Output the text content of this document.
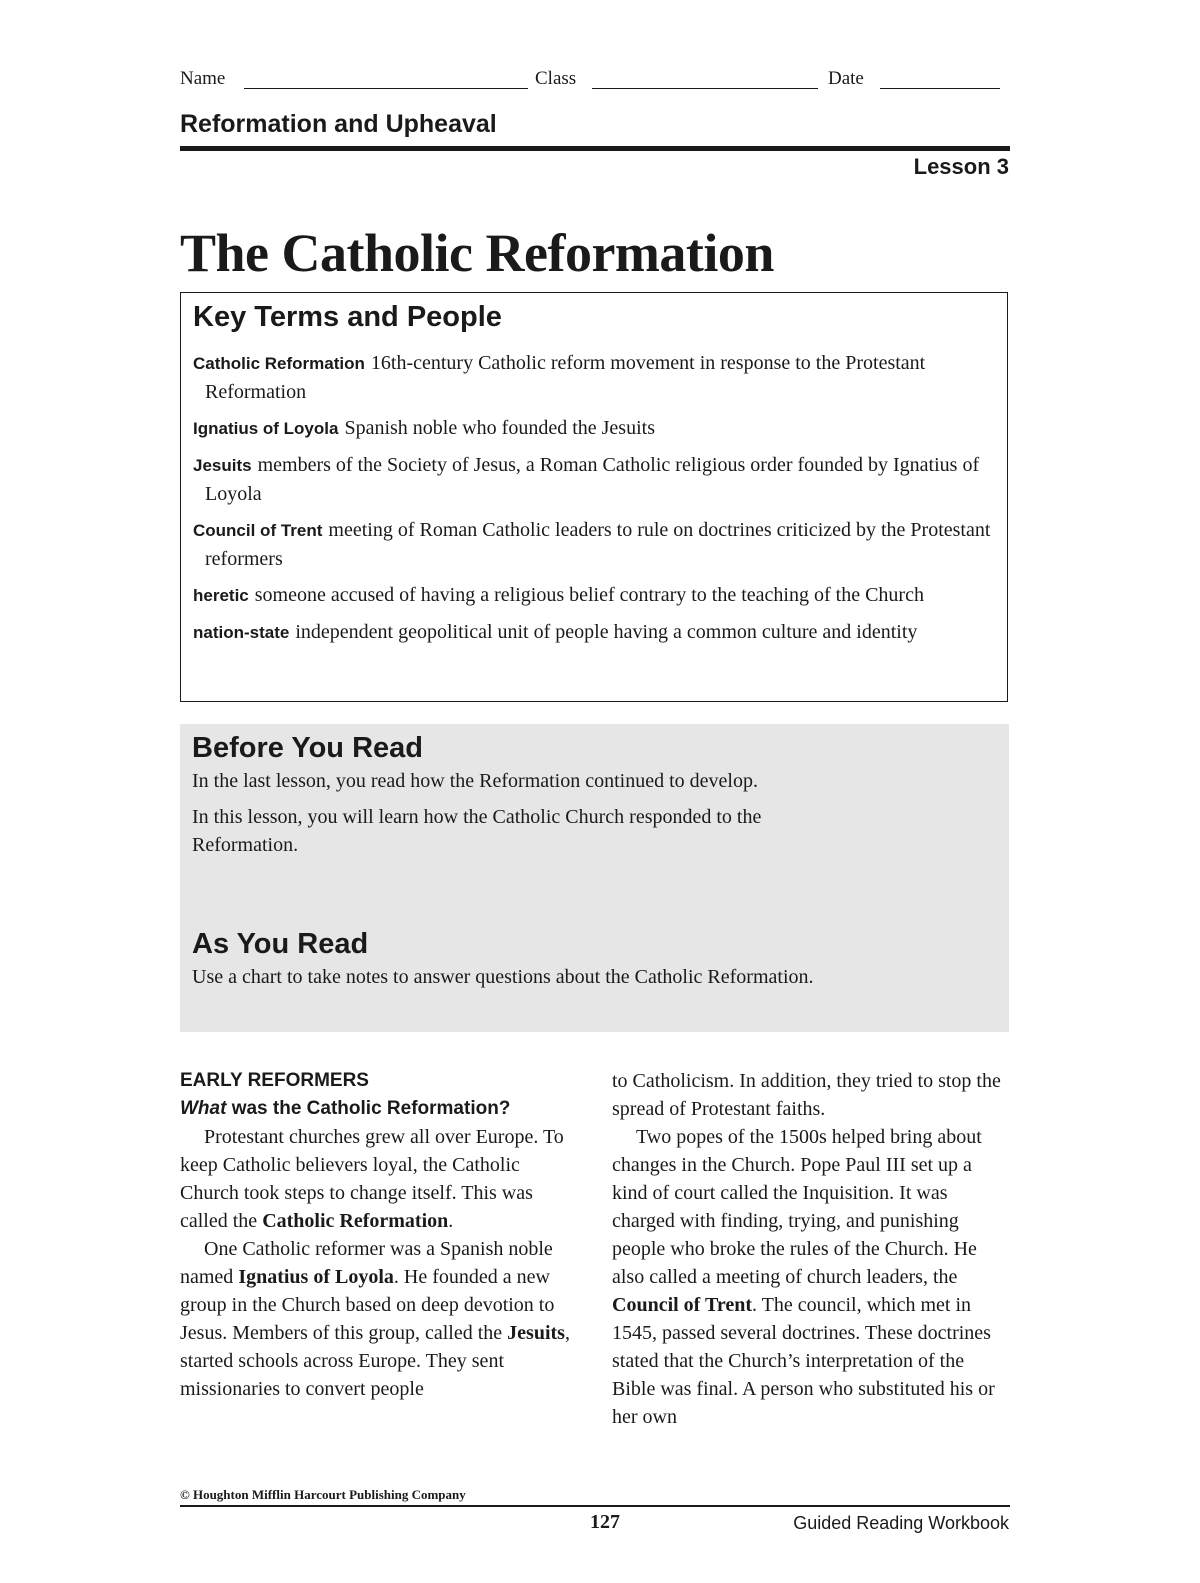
Name	Class	Date
Reformation and Upheaval
Lesson 3
The Catholic Reformation
Key Terms and People
Catholic Reformation 16th-century Catholic reform movement in response to the Protestant Reformation
Ignatius of Loyola Spanish noble who founded the Jesuits
Jesuits members of the Society of Jesus, a Roman Catholic religious order founded by Ignatius of Loyola
Council of Trent meeting of Roman Catholic leaders to rule on doctrines criticized by the Protestant reformers
heretic someone accused of having a religious belief contrary to the teaching of the Church
nation-state independent geopolitical unit of people having a common culture and identity
Before You Read

In the last lesson, you read how the Reformation continued to develop.

In this lesson, you will learn how the Catholic Church responded to the Reformation.

As You Read

Use a chart to take notes to answer questions about the Catholic Reformation.

EARLY REFORMERS
What was the Catholic Reformation?

Protestant churches grew all over Europe. To keep Catholic believers loyal, the Catholic Church took steps to change itself. This was called the Catholic Reformation.

One Catholic reformer was a Spanish noble named Ignatius of Loyola. He founded a new group in the Church based on deep devotion to Jesus. Members of this group, called the Jesuits, started schools across Europe. They sent missionaries to convert people

to Catholicism. In addition, they tried to stop the spread of Protestant faiths.

Two popes of the 1500s helped bring about changes in the Church. Pope Paul III set up a kind of court called the Inquisition. It was charged with finding, trying, and punishing people who broke the rules of the Church. He also called a meeting of church leaders, the Council of Trent. The council, which met in 1545, passed several doctrines. These doctrines stated that the Church’s interpretation of the Bible was final. A person who substituted his or her own

© Houghton Mifflin Harcourt Publishing Company
127	Guided Reading Workbook
